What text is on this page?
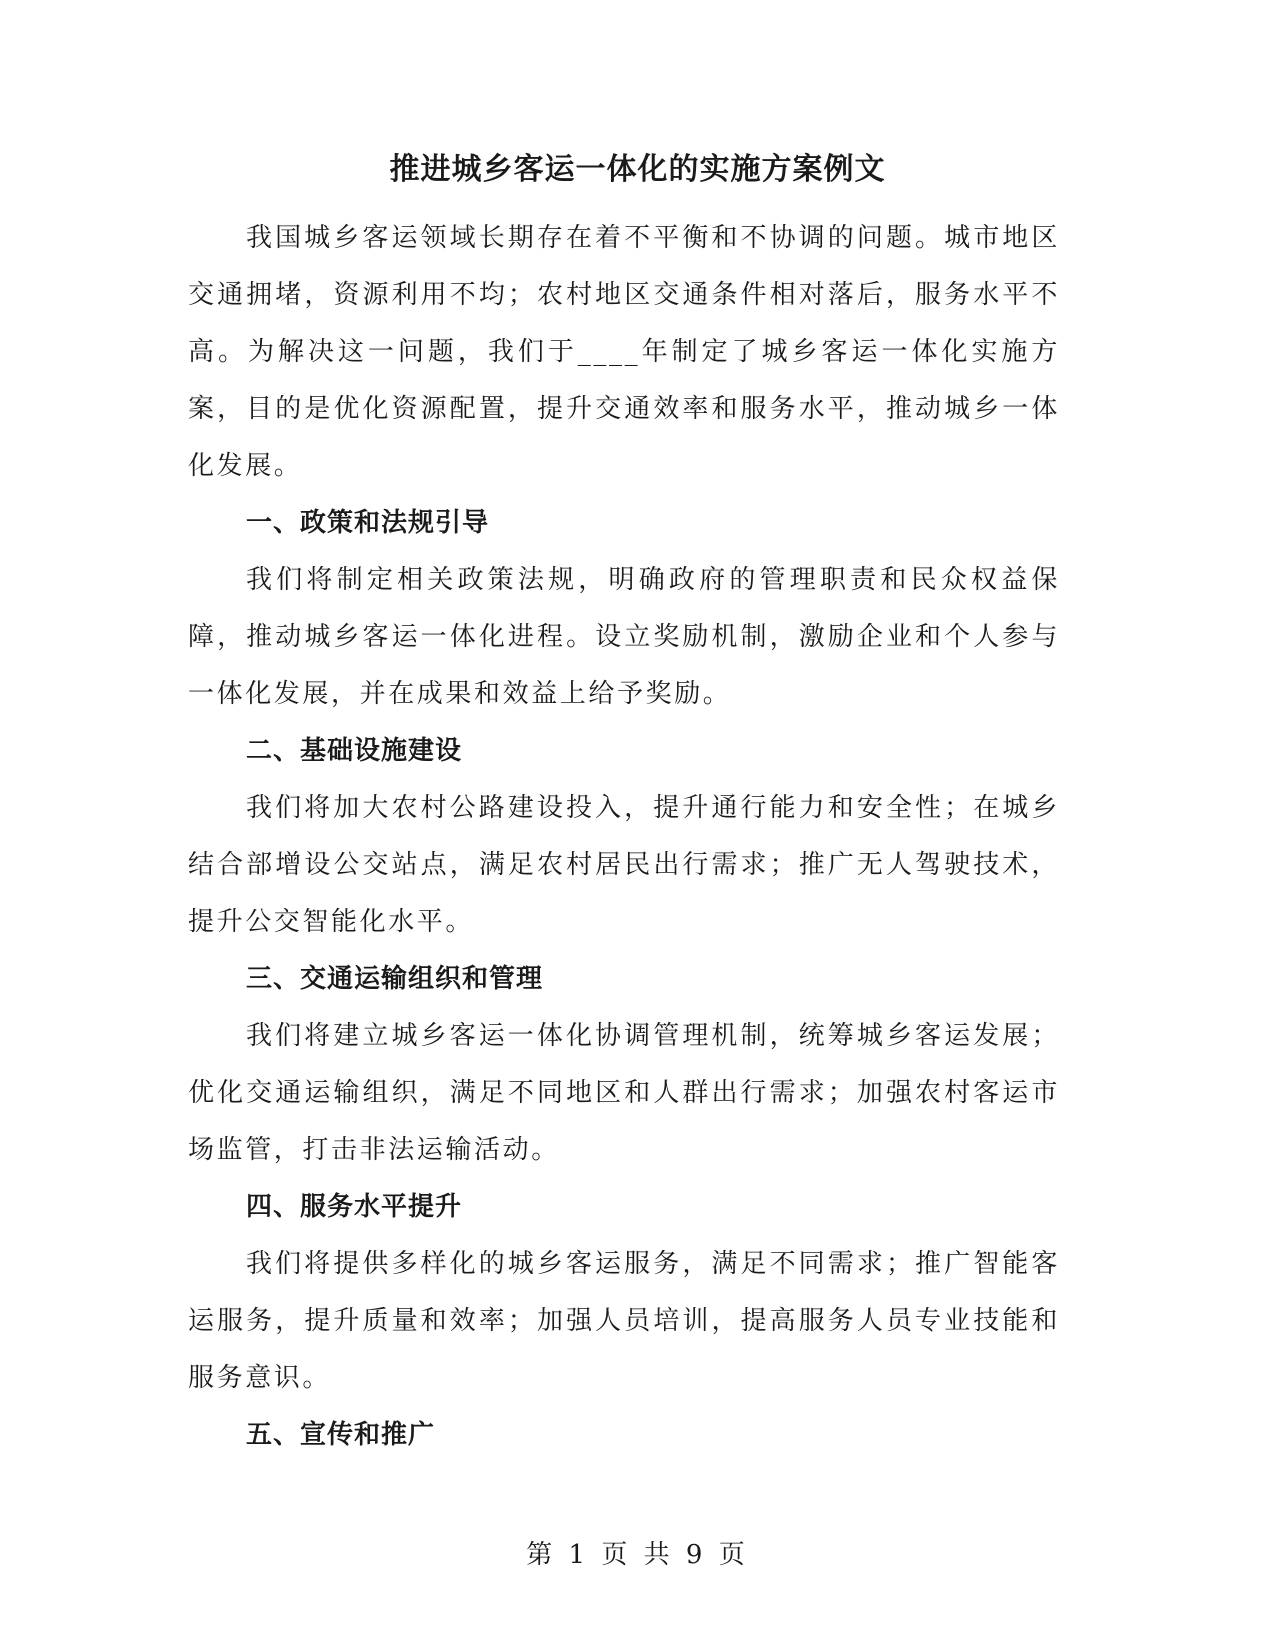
推进城乡客运一体化的实施方案例文

我国城乡客运领域长期存在着不平衡和不协调的问题。城市地区交通拥堵，资源利用不均；农村地区交通条件相对落后，服务水平不高。为解决这一问题，我们于____年制定了城乡客运一体化实施方案，目的是优化资源配置，提升交通效率和服务水平，推动城乡一体化发展。

一、政策和法规引导

我们将制定相关政策法规，明确政府的管理职责和民众权益保障，推动城乡客运一体化进程。设立奖励机制，激励企业和个人参与一体化发展，并在成果和效益上给予奖励。

二、基础设施建设

我们将加大农村公路建设投入，提升通行能力和安全性；在城乡结合部增设公交站点，满足农村居民出行需求；推广无人驾驶技术，提升公交智能化水平。

三、交通运输组织和管理

我们将建立城乡客运一体化协调管理机制，统筹城乡客运发展；优化交通运输组织，满足不同地区和人群出行需求；加强农村客运市场监管，打击非法运输活动。

四、服务水平提升

我们将提供多样化的城乡客运服务，满足不同需求；推广智能客运服务，提升质量和效率；加强人员培训，提高服务人员专业技能和服务意识。

五、宣传和推广

第 1 页 共 9 页
